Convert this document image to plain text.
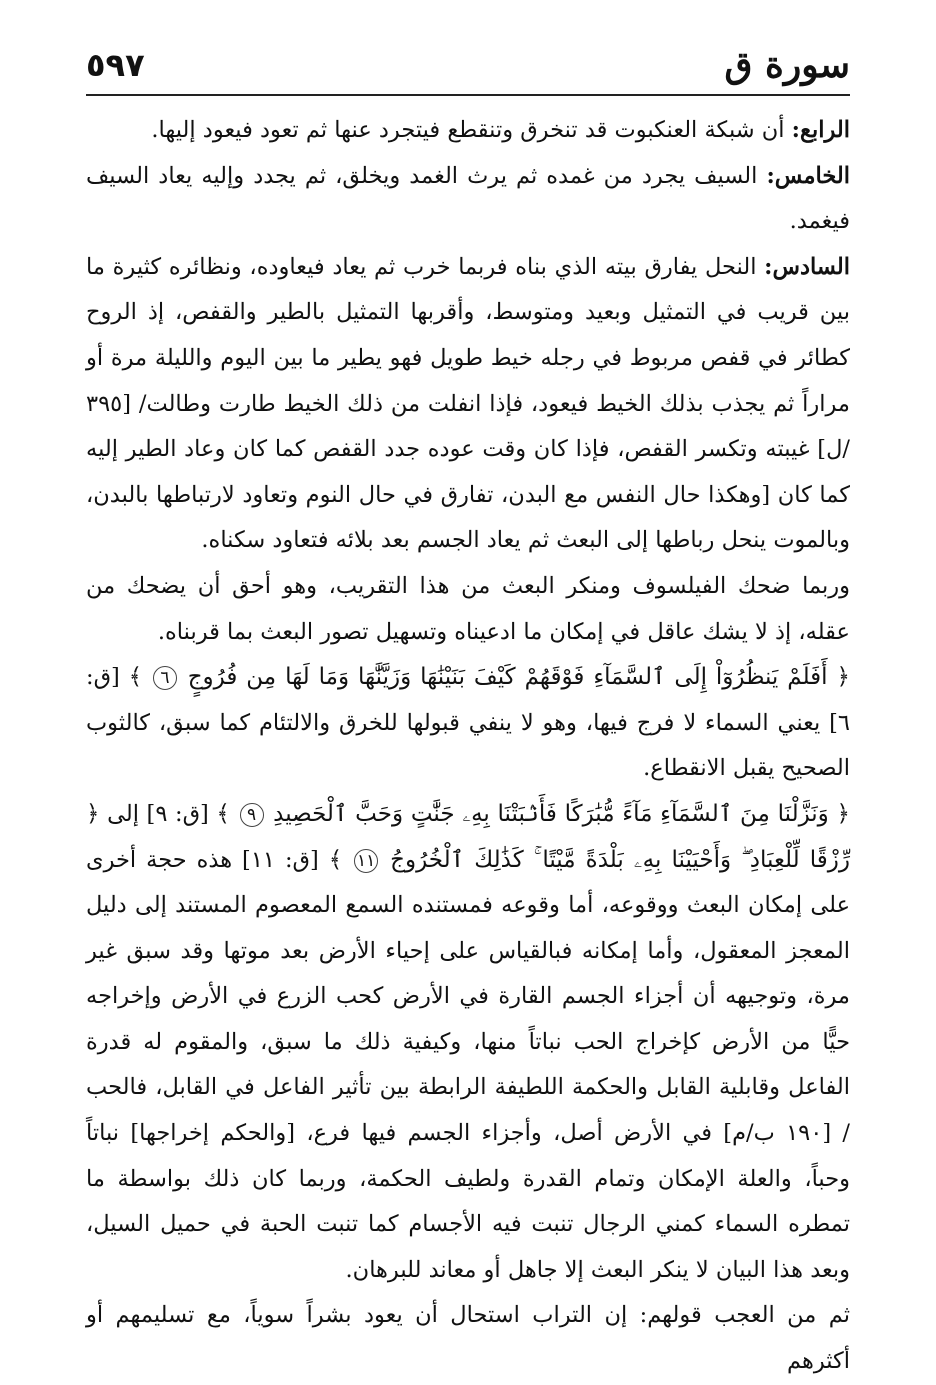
سورة ق
٥٩٧

الرابع: أن شبكة العنكبوت قد تنخرق وتنقطع فيتجرد عنها ثم تعود فيعود إليها.

الخامس: السيف يجرد من غمده ثم يرث الغمد ويخلق، ثم يجدد وإليه يعاد السيف فيغمد.

السادس: النحل يفارق بيته الذي بناه فربما خرب ثم يعاد فيعاوده، ونظائره كثيرة ما بين قريب في التمثيل وبعيد ومتوسط، وأقربها التمثيل بالطير والقفص، إذ الروح كطائر في قفص مربوط في رجله خيط طويل فهو يطير ما بين اليوم والليلة مرة أو مراراً ثم يجذب بذلك الخيط فيعود، فإذا انفلت من ذلك الخيط طارت وطالت/ [٣٩٥ /ل] غيبته وتكسر القفص، فإذا كان وقت عوده جدد القفص كما كان وعاد الطير إليه كما كان [وهكذا حال النفس مع البدن، تفارق في حال النوم وتعاود لارتباطها بالبدن، وبالموت ينحل رباطها إلى البعث ثم يعاد الجسم بعد بلائه فتعاود سكناه.

وربما ضحك الفيلسوف ومنكر البعث من هذا التقريب، وهو أحق أن يضحك من عقله، إذ لا يشك عاقل في إمكان ما ادعيناه وتسهيل تصور البعث بما قربناه.

﴿ أَفَلَمْ يَنظُرُوٓاْ إِلَى ٱلسَّمَآءِ فَوْقَهُمْ كَيْفَ بَنَيْنَٰهَا وَزَيَّنَّٰهَا وَمَا لَهَا مِن فُرُوجٍ ٦ ﴾ [ق: ٦] يعني السماء لا فرج فيها، وهو لا ينفي قبولها للخرق والالتئام كما سبق، كالثوب الصحيح يقبل الانقطاع.

﴿ وَنَزَّلْنَا مِنَ ٱلسَّمَآءِ مَآءً مُّبَٰرَكًا فَأَنۢبَتْنَا بِهِۦ جَنَّٰتٍ وَحَبَّ ٱلْحَصِيدِ ٩ ﴾ [ق: ٩] إلى ﴿ رِّزْقًا لِّلْعِبَادِ ۖ وَأَحْيَيْنَا بِهِۦ بَلْدَةً مَّيْتًا ۚ كَذَٰلِكَ ٱلْخُرُوجُ ١١ ﴾ [ق: ١١] هذه حجة أخرى على إمكان البعث ووقوعه، أما وقوعه فمستنده السمع المعصوم المستند إلى دليل المعجز المعقول، وأما إمكانه فبالقياس على إحياء الأرض بعد موتها وقد سبق غير مرة، وتوجيهه أن أجزاء الجسم القارة في الأرض كحب الزرع في الأرض وإخراجه حيًّا من الأرض كإخراج الحب نباتاً منها، وكيفية ذلك ما سبق، والمقوم له قدرة الفاعل وقابلية القابل والحكمة اللطيفة الرابطة بين تأثير الفاعل في القابل، فالحب / [١٩٠ ب/م] في الأرض أصل، وأجزاء الجسم فيها فرع، [والحكم إخراجها] نباتاً وحباً، والعلة الإمكان وتمام القدرة ولطيف الحكمة، وربما كان ذلك بواسطة ما تمطره السماء كمني الرجال تنبت فيه الأجسام كما تنبت الحبة في حميل السيل، وبعد هذا البيان لا ينكر البعث إلا جاهل أو معاند للبرهان.

ثم من العجب قولهم: إن التراب استحال أن يعود بشراً سوياً، مع تسليمهم أو أكثرهم
